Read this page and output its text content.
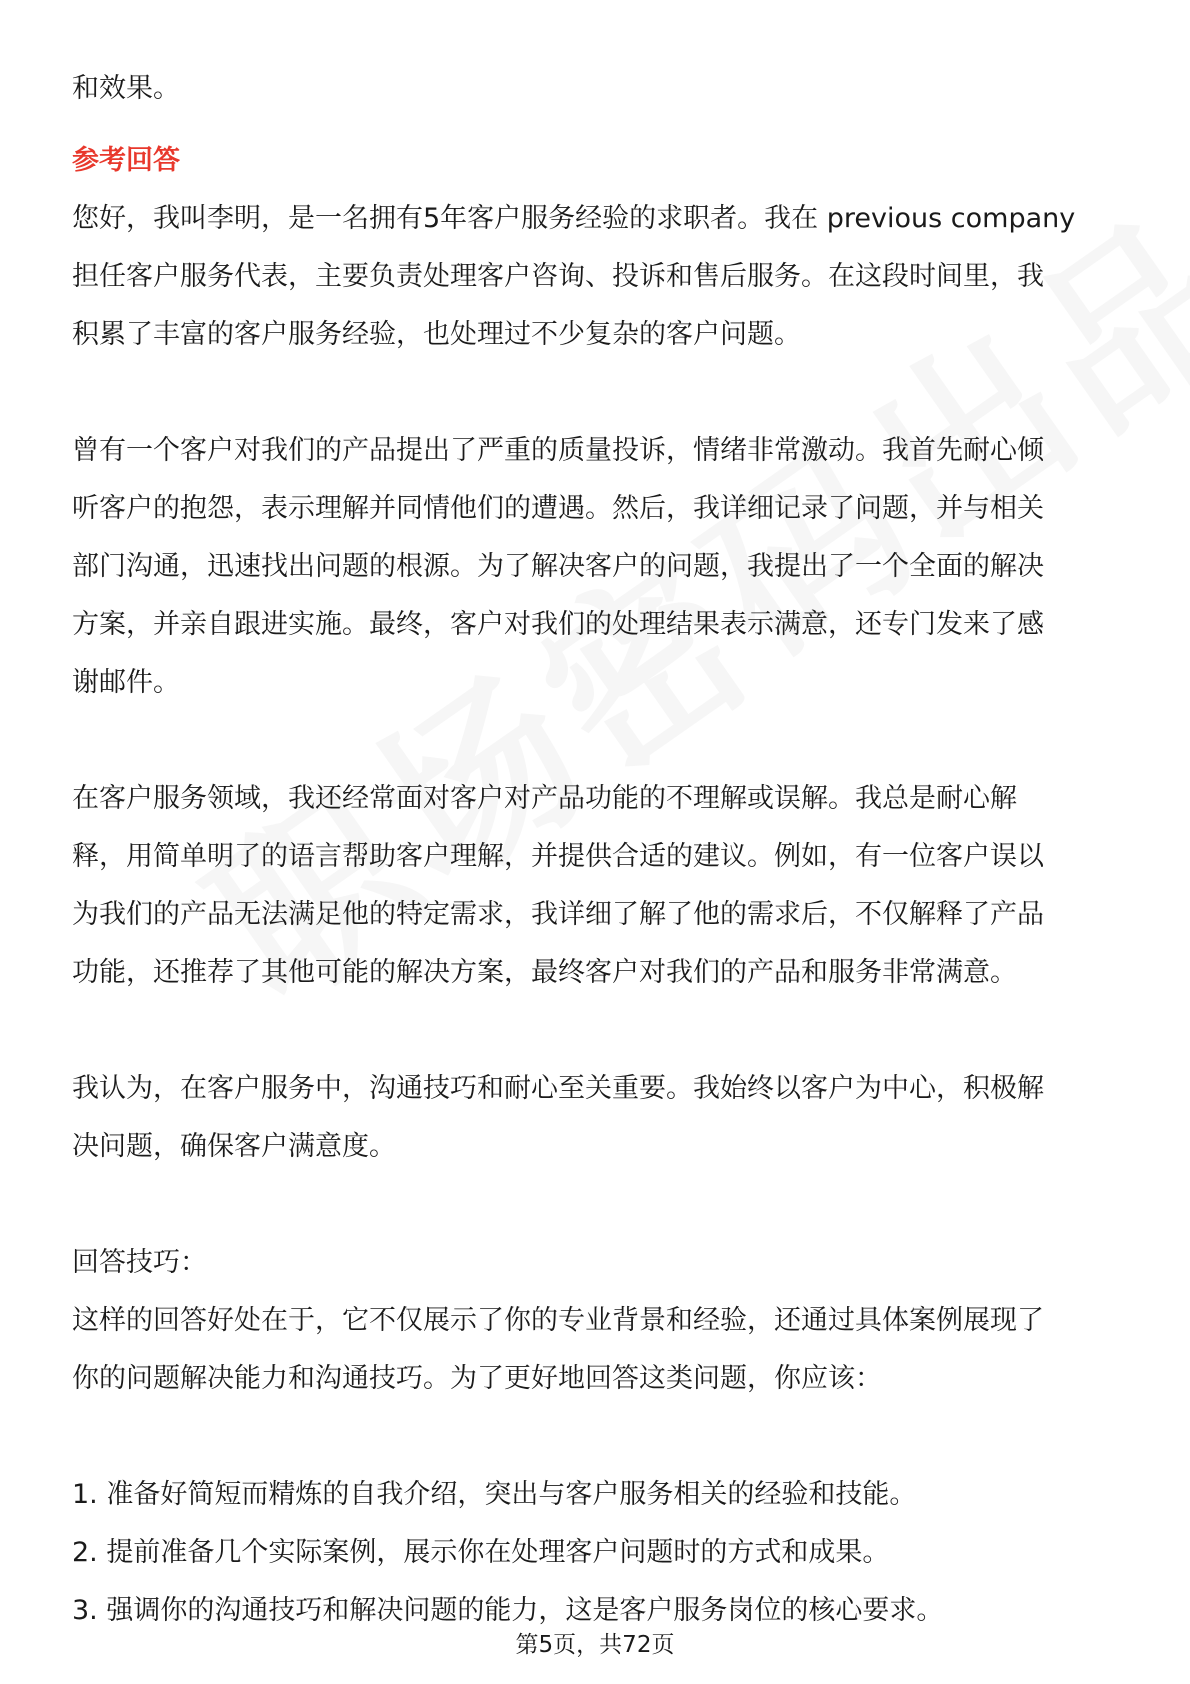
和效果。

参考回答

您好，我叫李明，是一名拥有5年客户服务经验的求职者。我在 previous company

担任客户服务代表，主要负责处理客户咨询、投诉和售后服务。在这段时间里，我

积累了丰富的客户服务经验，也处理过不少复杂的客户问题。

曾有一个客户对我们的产品提出了严重的质量投诉，情绪非常激动。我首先耐心倾

听客户的抱怨，表示理解并同情他们的遭遇。然后，我详细记录了问题，并与相关

部门沟通，迅速找出问题的根源。为了解决客户的问题，我提出了一个全面的解决

方案，并亲自跟进实施。最终，客户对我们的处理结果表示满意，还专门发来了感

谢邮件。

在客户服务领域，我还经常面对客户对产品功能的不理解或误解。我总是耐心解

释，用简单明了的语言帮助客户理解，并提供合适的建议。例如，有一位客户误以

为我们的产品无法满足他的特定需求，我详细了解了他的需求后，不仅解释了产品

功能，还推荐了其他可能的解决方案，最终客户对我们的产品和服务非常满意。

我认为，在客户服务中，沟通技巧和耐心至关重要。我始终以客户为中心，积极解

决问题，确保客户满意度。

回答技巧：

这样的回答好处在于，它不仅展示了你的专业背景和经验，还通过具体案例展现了

你的问题解决能力和沟通技巧。为了更好地回答这类问题，你应该：

1. 准备好简短而精炼的自我介绍，突出与客户服务相关的经验和技能。

2. 提前准备几个实际案例，展示你在处理客户问题时的方式和成果。

3. 强调你的沟通技巧和解决问题的能力，这是客户服务岗位的核心要求。

第5页，共72页
